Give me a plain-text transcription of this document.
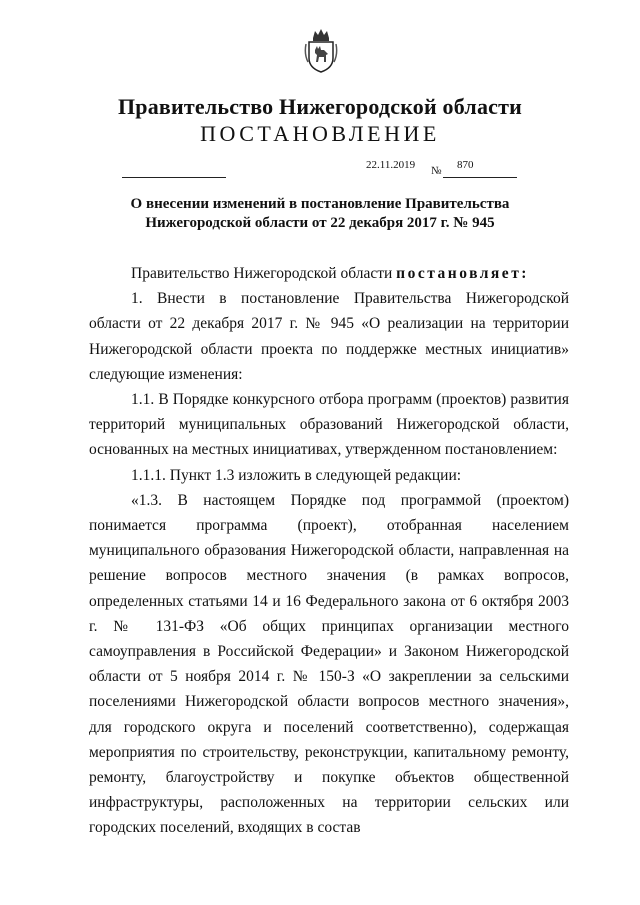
Правительство Нижегородской области
ПОСТАНОВЛЕНИЕ
22.11.2019 № 870
О внесении изменений в постановление Правительства
Нижегородской области от 22 декабря 2017 г. № 945

Правительство Нижегородской области постановляет:

1. Внести в постановление Правительства Нижегородской области от 22 декабря 2017 г. № 945 «О реализации на территории Нижегородской области проекта по поддержке местных инициатив» следующие изменения:

1.1. В Порядке конкурсного отбора программ (проектов) развития территорий муниципальных образований Нижегородской области, основанных на местных инициативах, утвержденном постановлением:

1.1.1. Пункт 1.3 изложить в следующей редакции:

«1.3. В настоящем Порядке под программой (проектом) понимается программа (проект), отобранная населением муниципального образования Нижегородской области, направленная на решение вопросов местного значения (в рамках вопросов, определенных статьями 14 и 16 Федерального закона от 6 октября 2003 г. № 131-ФЗ «Об общих принципах организации местного самоуправления в Российской Федерации» и Законом Нижегородской области от 5 ноября 2014 г. № 150-З «О закреплении за сельскими поселениями Нижегородской области вопросов местного значения», для городского округа и поселений соответственно), содержащая мероприятия по строительству, реконструкции, капитальному ремонту, ремонту, благоустройству и покупке объектов общественной инфраструктуры, расположенных на территории сельских или городских поселений, входящих в состав
